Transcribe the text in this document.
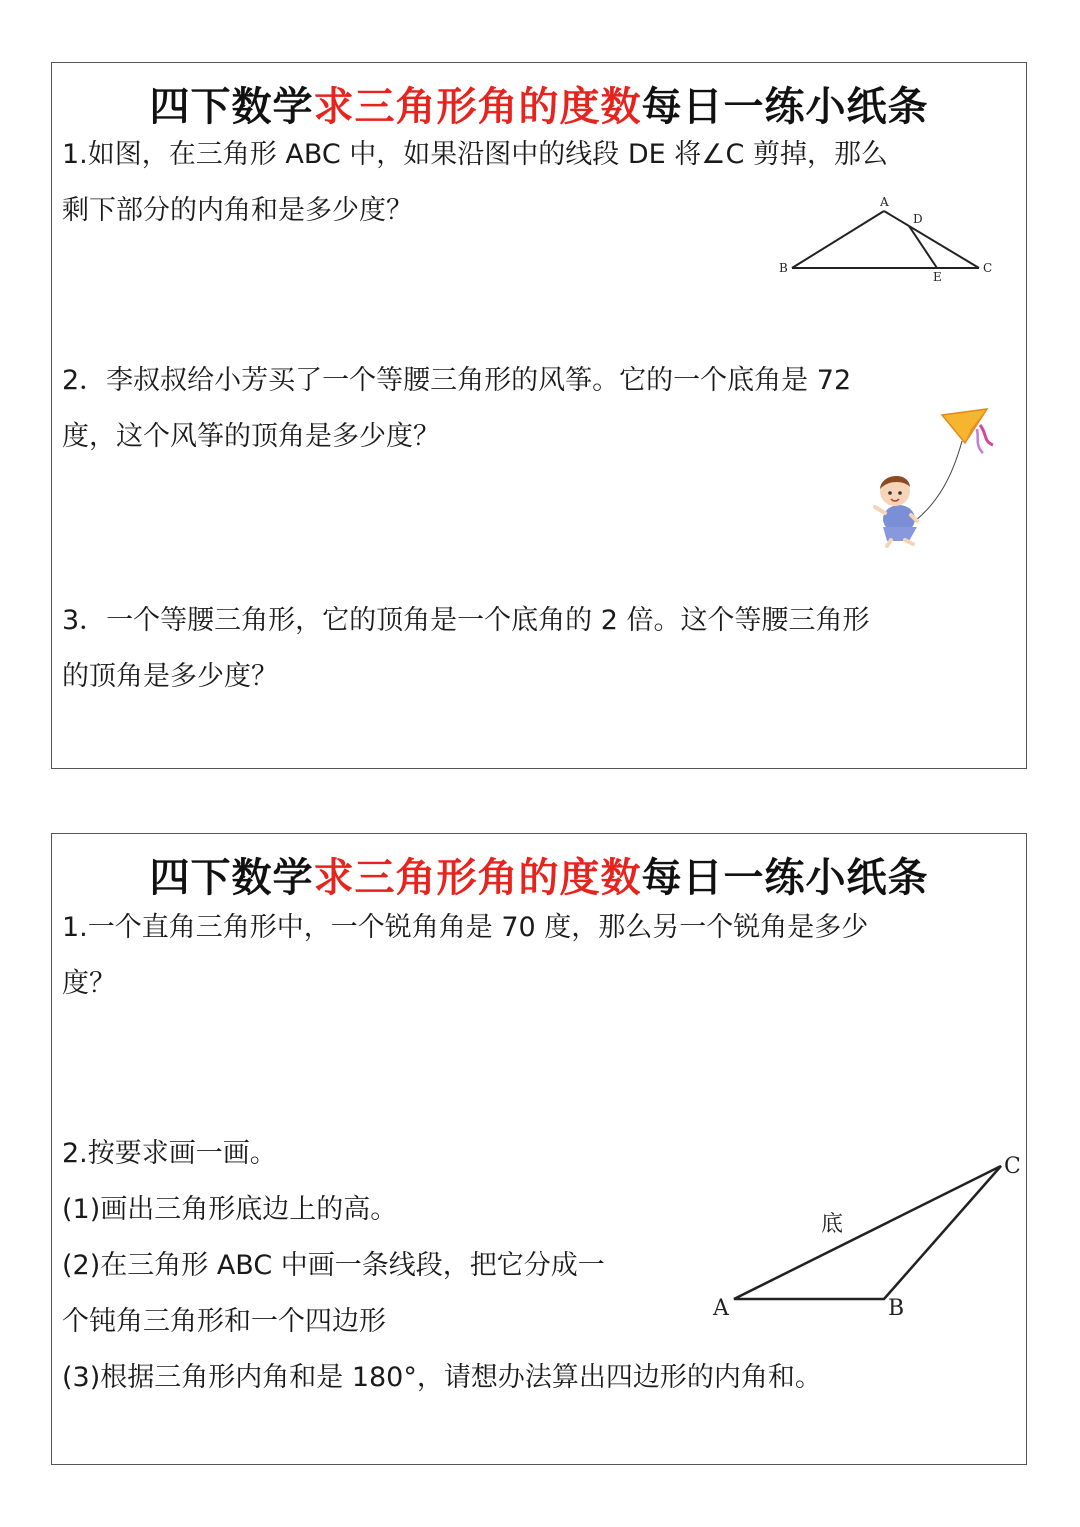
四下数学求三角形角的度数每日一练小纸条
1.如图，在三角形 ABC 中，如果沿图中的线段 DE 将∠C 剪掉，那么
剩下部分的内角和是多少度？	A
B	C
D
E
2．李叔叔给小芳买了一个等腰三角形的风筝。它的一个底角是 72
度，这个风筝的顶角是多少度？
3．一个等腰三角形，它的顶角是一个底角的 2 倍。这个等腰三角形
的顶角是多少度？
四下数学求三角形角的度数每日一练小纸条
1.一个直角三角形中，一个锐角角是 70 度，那么另一个锐角是多少
度？
2.按要求画一画。
(1)画出三角形底边上的高。
(2)在三角形 ABC 中画一条线段，把它分成一
个钝角三角形和一个四边形
(3)根据三角形内角和是 180°，请想办法算出四边形的内角和。
A	B
C
底
